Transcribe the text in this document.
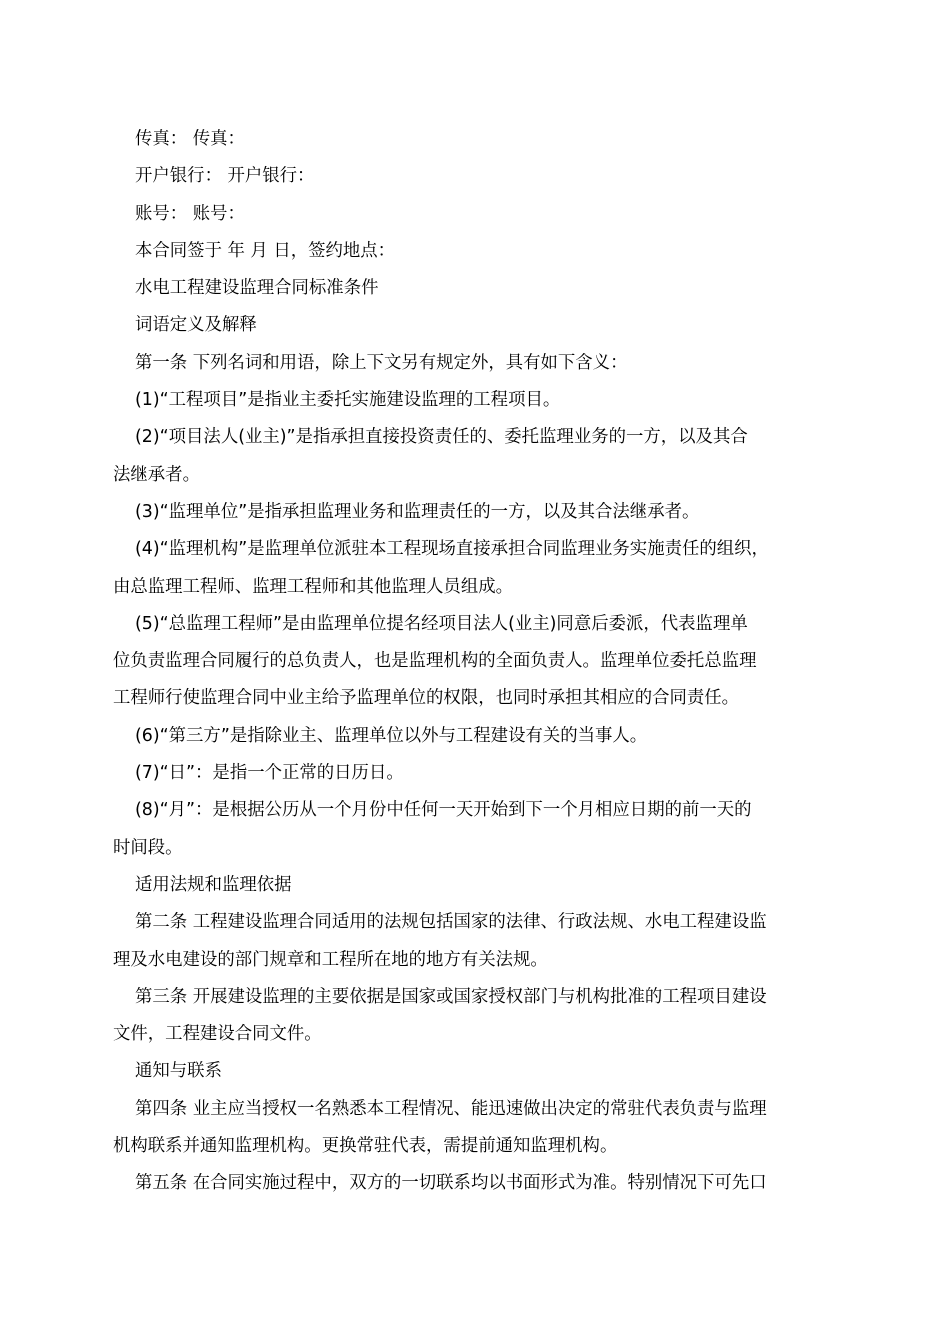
传真： 传真：
开户银行： 开户银行：
账号： 账号：
本合同签于 年 月 日，签约地点：
水电工程建设监理合同标准条件
词语定义及解释
第一条 下列名词和用语，除上下文另有规定外，具有如下含义：
(1)“工程项目”是指业主委托实施建设监理的工程项目。
(2)“项目法人(业主)”是指承担直接投资责任的、委托监理业务的一方，以及其合
法继承者。
(3)“监理单位”是指承担监理业务和监理责任的一方，以及其合法继承者。
(4)“监理机构”是监理单位派驻本工程现场直接承担合同监理业务实施责任的组织，
由总监理工程师、监理工程师和其他监理人员组成。
(5)“总监理工程师”是由监理单位提名经项目法人(业主)同意后委派，代表监理单
位负责监理合同履行的总负责人，也是监理机构的全面负责人。监理单位委托总监理
工程师行使监理合同中业主给予监理单位的权限，也同时承担其相应的合同责任。
(6)“第三方”是指除业主、监理单位以外与工程建设有关的当事人。
(7)“日”：是指一个正常的日历日。
(8)“月”：是根据公历从一个月份中任何一天开始到下一个月相应日期的前一天的
时间段。
适用法规和监理依据
第二条 工程建设监理合同适用的法规包括国家的法律、行政法规、水电工程建设监
理及水电建设的部门规章和工程所在地的地方有关法规。
第三条 开展建设监理的主要依据是国家或国家授权部门与机构批准的工程项目建设
文件，工程建设合同文件。
通知与联系
第四条 业主应当授权一名熟悉本工程情况、能迅速做出决定的常驻代表负责与监理
机构联系并通知监理机构。更换常驻代表，需提前通知监理机构。
第五条 在合同实施过程中，双方的一切联系均以书面形式为准。特别情况下可先口
